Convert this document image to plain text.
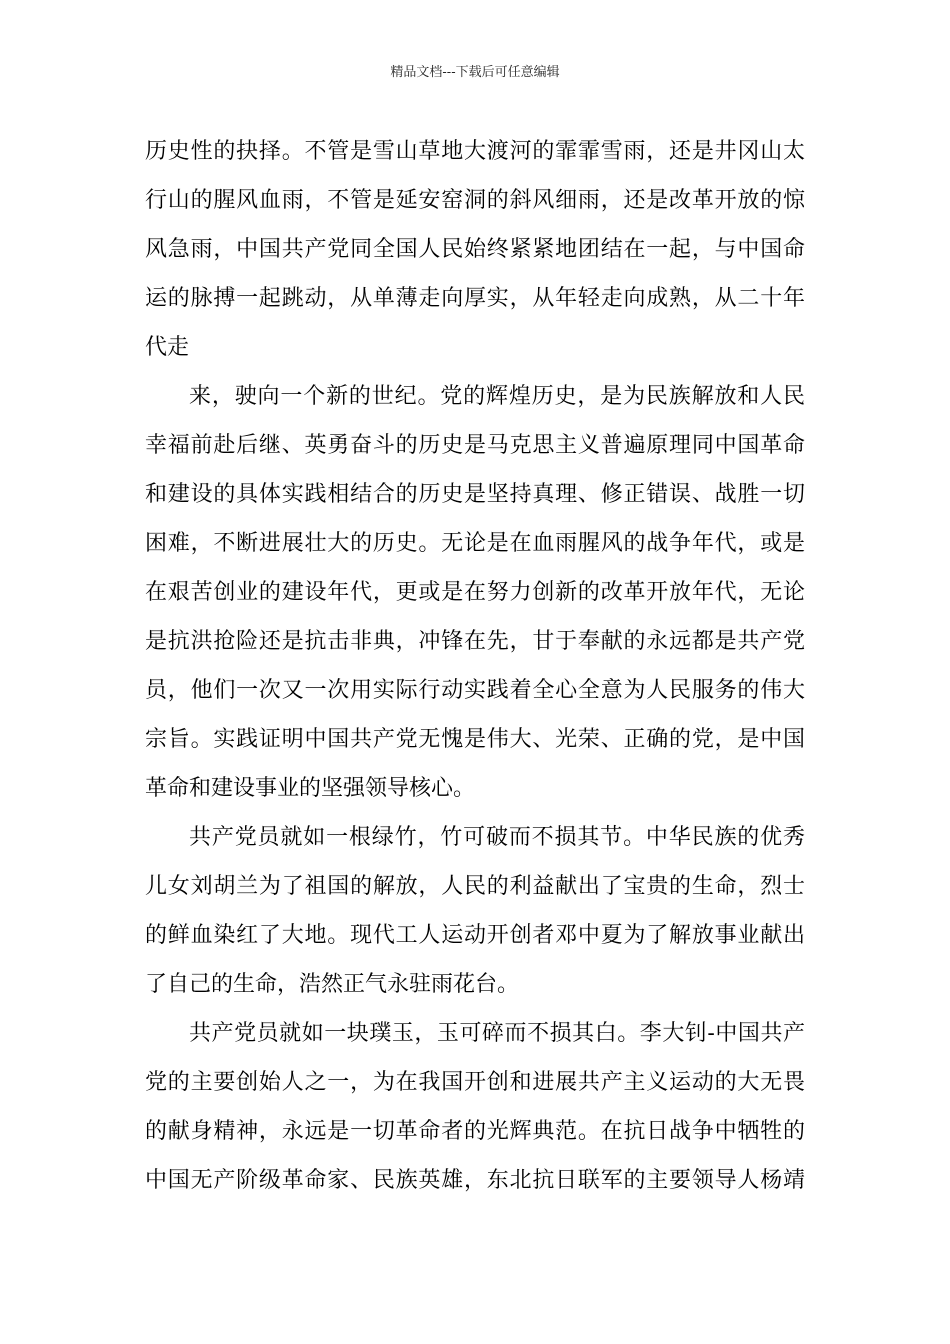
精品文档---下载后可任意编辑
历史性的抉择。不管是雪山草地大渡河的霏霏雪雨，还是井冈山太
行山的腥风血雨，不管是延安窑洞的斜风细雨，还是改革开放的惊
风急雨，中国共产党同全国人民始终紧紧地团结在一起，与中国命
运的脉搏一起跳动，从单薄走向厚实，从年轻走向成熟，从二十年
代走
来，驶向一个新的世纪。党的辉煌历史，是为民族解放和人民
幸福前赴后继、英勇奋斗的历史是马克思主义普遍原理同中国革命
和建设的具体实践相结合的历史是坚持真理、修正错误、战胜一切
困难，不断进展壮大的历史。无论是在血雨腥风的战争年代，或是
在艰苦创业的建设年代，更或是在努力创新的改革开放年代，无论
是抗洪抢险还是抗击非典，冲锋在先，甘于奉献的永远都是共产党
员，他们一次又一次用实际行动实践着全心全意为人民服务的伟大
宗旨。实践证明中国共产党无愧是伟大、光荣、正确的党，是中国
革命和建设事业的坚强领导核心。
共产党员就如一根绿竹，竹可破而不损其节。中华民族的优秀
儿女刘胡兰为了祖国的解放，人民的利益献出了宝贵的生命，烈士
的鲜血染红了大地。现代工人运动开创者邓中夏为了解放事业献出
了自己的生命，浩然正气永驻雨花台。
共产党员就如一块璞玉，玉可碎而不损其白。李大钊-中国共产
党的主要创始人之一，为在我国开创和进展共产主义运动的大无畏
的献身精神，永远是一切革命者的光辉典范。在抗日战争中牺牲的
中国无产阶级革命家、民族英雄，东北抗日联军的主要领导人杨靖
